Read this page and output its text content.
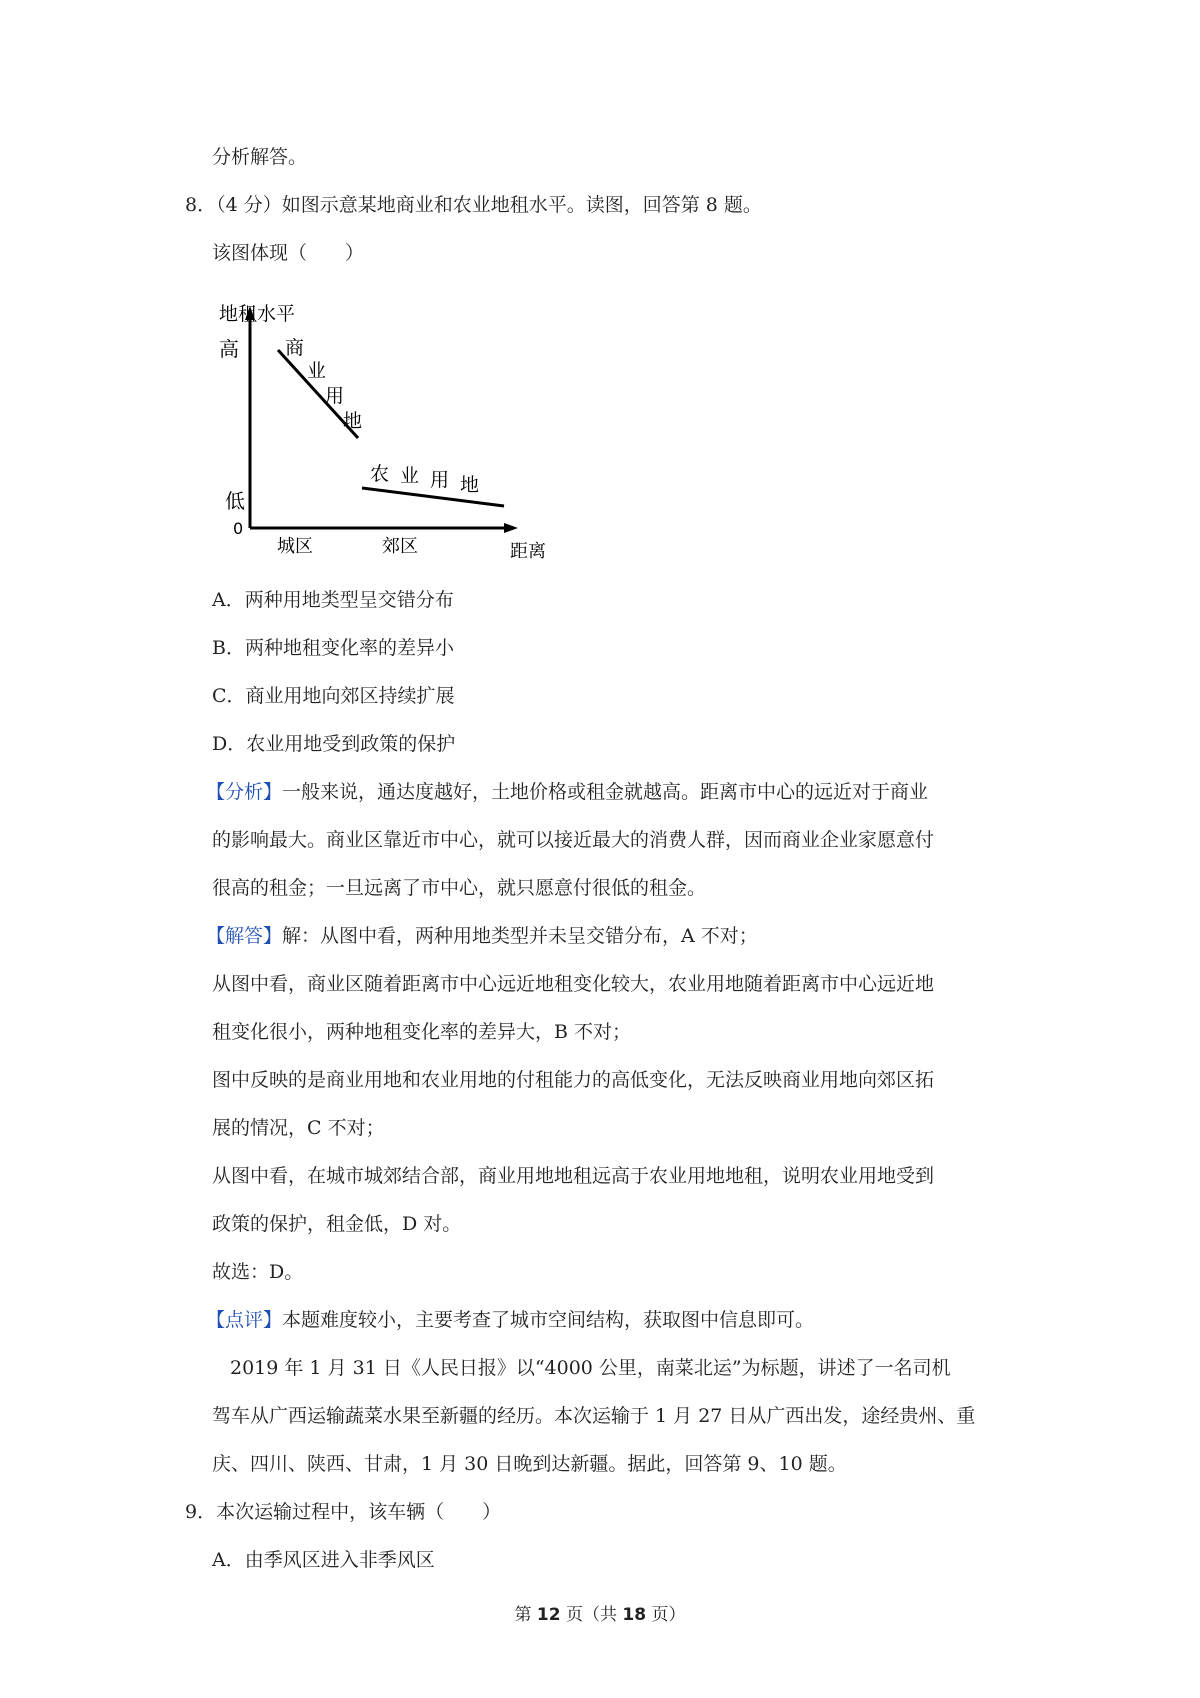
分析解答。
8．（4 分）如图示意某地商业和农业地租水平。读图，回答第 8 题。
该图体现（　　）
地租水平
高
低
0
城区	郊区	距离
商
业
用
地
农 业 用 地
A．两种用地类型呈交错分布
B．两种地租变化率的差异小
C．商业用地向郊区持续扩展
D．农业用地受到政策的保护
【分析】一般来说，通达度越好，土地价格或租金就越高。距离市中心的远近对于商业
的影响最大。商业区靠近市中心，就可以接近最大的消费人群，因而商业企业家愿意付
很高的租金；一旦远离了市中心，就只愿意付很低的租金。
【解答】解：从图中看，两种用地类型并未呈交错分布，A 不对；
从图中看，商业区随着距离市中心远近地租变化较大，农业用地随着距离市中心远近地
租变化很小，两种地租变化率的差异大，B 不对；
图中反映的是商业用地和农业用地的付租能力的高低变化，无法反映商业用地向郊区拓
展的情况，C 不对；
从图中看，在城市城郊结合部，商业用地地租远高于农业用地地租，说明农业用地受到
政策的保护，租金低，D 对。
故选：D。
【点评】本题难度较小，主要考查了城市空间结构，获取图中信息即可。
2019 年 1 月 31 日《人民日报》以“4000 公里，南菜北运”为标题，讲述了一名司机
驾车从广西运输蔬菜水果至新疆的经历。本次运输于 1 月 27 日从广西出发，途经贵州、重
庆、四川、陕西、甘肃，1 月 30 日晚到达新疆。据此，回答第 9、10 题。
9．本次运输过程中，该车辆（　　）
A．由季风区进入非季风区
第 12 页（共 18 页）
